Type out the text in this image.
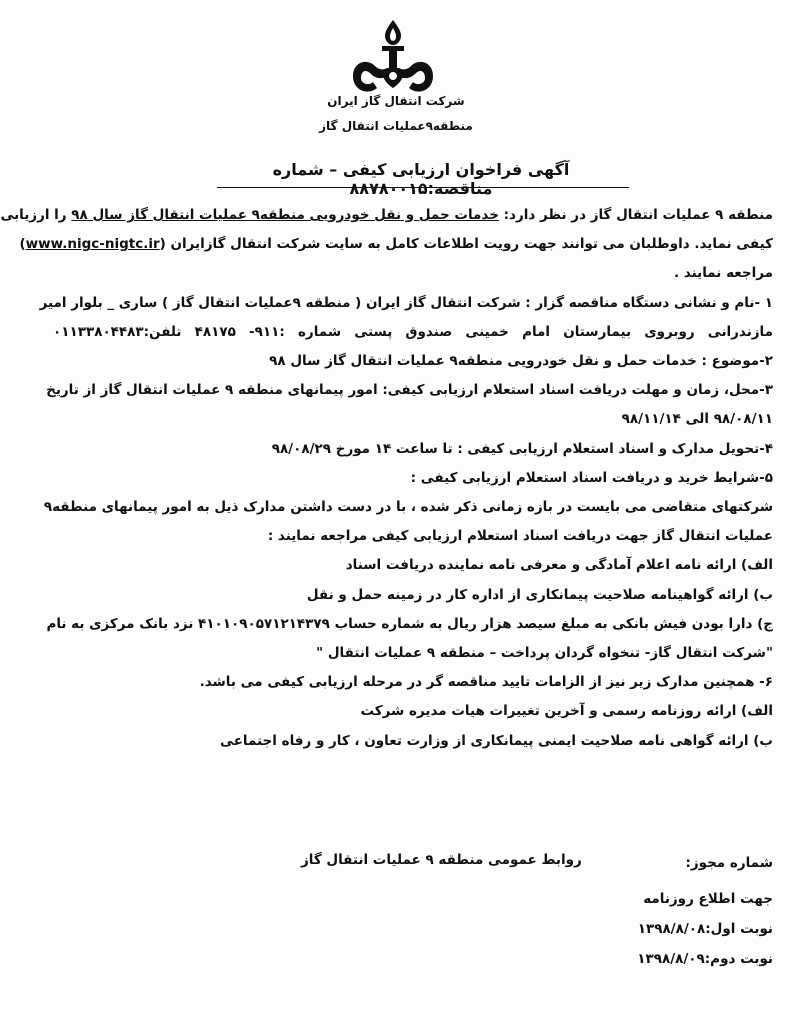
شرکت انتقال گاز ایران
منطقه۹عملیات انتقال گاز
آگهی فراخوان ارزیابی کیفی – شماره مناقصه:۸۸۷۸۰۰۱۵
منطقه ۹ عملیات انتقال گاز در نظر دارد: خدمات حمل و نقل خودرویی منطقه۹ عملیات انتقال گاز سال ۹۸ را ارزیابی
کیفی نماید. داوطلبان می توانند جهت رویت اطلاعات کامل به سایت شرکت انتقال گازایران (www.nigc-nigtc.ir)
مراجعه نمایند .
۱ -نام و نشانی دستگاه مناقصه گزار : شرکت انتقال گاز ایران ( منطقه ۹عملیات انتقال گاز ) ساری _ بلوار امیر
مازندرانی روبروی بیمارستان امام خمینی صندوق پستی شماره :۹۱۱- ۴۸۱۷۵ تلفن:۰۱۱۳۳۸۰۴۴۸۳
۲-موضوع : خدمات حمل و نقل خودرویی منطقه۹ عملیات انتقال گاز سال ۹۸
۳-محل، زمان و مهلت دریافت اسناد استعلام ارزیابی کیفی: امور پیمانهای منطقه ۹ عملیات انتقال گاز از تاریخ
۹۸/۰۸/۱۱ الی ۹۸/۱۱/۱۴
۴-تحویل مدارک و اسناد استعلام ارزیابی کیفی : تا ساعت ۱۴ مورخ ۹۸/۰۸/۲۹
۵-شرایط خرید و دریافت اسناد استعلام ارزیابی کیفی :
شرکتهای متقاضی می بایست در بازه زمانی ذکر شده ، با در دست داشتن مدارک ذیل به امور پیمانهای منطقه۹
عملیات انتقال گاز جهت دریافت اسناد استعلام ارزیابی کیفی مراجعه نمایند :
الف) ارائه نامه اعلام آمادگی و معرفی نامه نماینده دریافت اسناد
ب) ارائه گواهینامه صلاحیت پیمانکاری از اداره کار در زمینه حمل و نقل
ج) دارا بودن فیش بانکی به مبلغ سیصد هزار ریال به شماره حساب ۴۱۰۱۰۹۰۵۷۱۲۱۴۳۷۹ نزد بانک مرکزی به نام
"شرکت انتقال گاز- تنخواه گردان پرداخت – منطقه ۹ عملیات انتقال "
۶- همچنین مدارک زیر نیز از الزامات تایید مناقصه گر در مرحله ارزیابی کیفی می باشد.
الف) ارائه روزنامه رسمی و آخرین تغییرات هیات مدیره شرکت
ب) ارائه گواهی نامه صلاحیت ایمنی پیمانکاری از وزارت تعاون ، کار و رفاه اجتماعی
شماره مجوز:
جهت اطلاع روزنامه
نوبت اول:۱۳۹۸/۸/۰۸
نوبت دوم:۱۳۹۸/۸/۰۹
روابط عمومی منطقه ۹ عملیات انتقال گاز
